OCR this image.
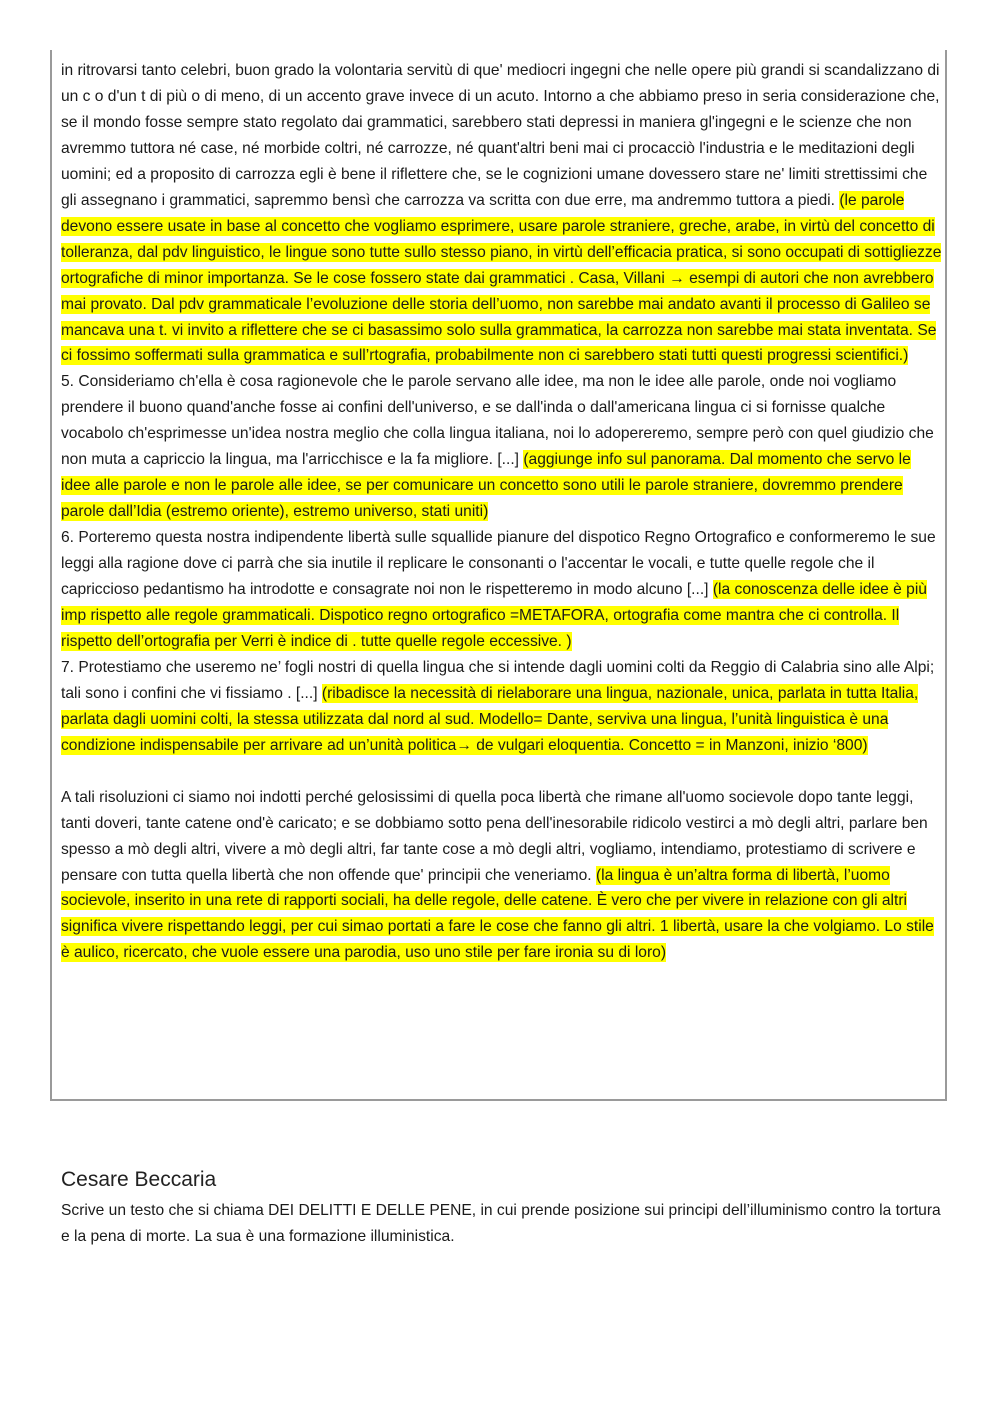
in ritrovarsi tanto celebri, buon grado la volontaria servitù di que' mediocri ingegni che nelle opere più grandi si scandalizzano di un c o d'un t di più o di meno, di un accento grave invece di un acuto. Intorno a che abbiamo preso in seria considerazione che, se il mondo fosse sempre stato regolato dai grammatici, sarebbero stati depressi in maniera gl'ingegni e le scienze che non avremmo tuttora né case, né morbide coltri, né carrozze, né quant'altri beni mai ci procacciò l'industria e le meditazioni degli uomini; ed a proposito di carrozza egli è bene il riflettere che, se le cognizioni umane dovessero stare ne' limiti strettissimi che gli assegnano i grammatici, sapremmo bensì che carrozza va scritta con due erre, ma andremmo tuttora a piedi. (le parole devono essere usate in base al concetto che vogliamo esprimere, usare parole straniere, greche, arabe, in virtù del concetto di tolleranza, dal pdv linguistico, le lingue sono tutte sullo stesso piano, in virtù dell’efficacia pratica, si sono occupati di sottigliezze ortografiche di minor importanza. Se le cose fossero state dai grammatici . Casa, Villani → esempi di autori che non avrebbero mai provato. Dal pdv grammaticale l’evoluzione delle storia dell’uomo, non sarebbe mai andato avanti il processo di Galileo se mancava una t. vi invito a riflettere che se ci basassimo solo sulla grammatica, la carrozza non sarebbe mai stata inventata. Se ci fossimo soffermati sulla grammatica e sull’rtografia, probabilmente non ci sarebbero stati tutti questi progressi scientifici.)

5. Consideriamo ch'ella è cosa ragionevole che le parole servano alle idee, ma non le idee alle parole, onde noi vogliamo prendere il buono quand'anche fosse ai confini dell'universo, e se dall'inda o dall'americana lingua ci si fornisse qualche vocabolo ch'esprimesse un'idea nostra meglio che colla lingua italiana, noi lo adopereremo, sempre però con quel giudizio che non muta a capriccio la lingua, ma l'arricchisce e la fa migliore. [...] (aggiunge info sul panorama. Dal momento che servo le idee alle parole e non le parole alle idee, se per comunicare un concetto sono utili le parole straniere, dovremmo prendere parole dall’Idia (estremo oriente), estremo universo, stati uniti)

6. Porteremo questa nostra indipendente libertà sulle squallide pianure del dispotico Regno Ortografico e conformeremo le sue leggi alla ragione dove ci parrà che sia inutile il replicare le consonanti o l'accentar le vocali, e tutte quelle regole che il capriccioso pedantismo ha introdotte e consagrate noi non le rispetteremo in modo alcuno [...] (la conoscenza delle idee è più imp rispetto alle regole grammaticali. Dispotico regno ortografico =METAFORA, ortografia come mantra che ci controlla. Il rispetto dell’ortografia per Verri è indice di . tutte quelle regole eccessive. )

7. Protestiamo che useremo ne’ fogli nostri di quella lingua che si intende dagli uomini colti da Reggio di Calabria sino alle Alpi; tali sono i confini che vi fissiamo . [...] (ribadisce la necessità di rielaborare una lingua, nazionale, unica, parlata in tutta Italia, parlata dagli uomini colti, la stessa utilizzata dal nord al sud. Modello= Dante, serviva una lingua, l’unità linguistica è una condizione indispensabile per arrivare ad un’unità politica→ de vulgari eloquentia. Concetto = in Manzoni, inizio ‘800)

A tali risoluzioni ci siamo noi indotti perché gelosissimi di quella poca libertà che rimane all'uomo socievole dopo tante leggi, tanti doveri, tante catene ond'è caricato; e se dobbiamo sotto pena dell'inesorabile ridicolo vestirci a mò degli altri, parlare ben spesso a mò degli altri, vivere a mò degli altri, far tante cose a mò degli altri, vogliamo, intendiamo, protestiamo di scrivere e pensare con tutta quella libertà che non offende que' principii che veneriamo. (la lingua è un’altra forma di libertà, l’uomo socievole, inserito in una rete di rapporti sociali, ha delle regole, delle catene. È vero che per vivere in relazione con gli altri significa vivere rispettando leggi, per cui simao portati a fare le cose che fanno gli altri. 1 libertà, usare la che volgiamo. Lo stile è aulico, ricercato, che vuole essere una parodia, uso uno stile per fare ironia su di loro)

Cesare Beccaria

Scrive un testo che si chiama DEI DELITTI E DELLE PENE, in cui prende posizione sui principi dell’illuminismo contro la tortura e la pena di morte. La sua è una formazione illuministica.
